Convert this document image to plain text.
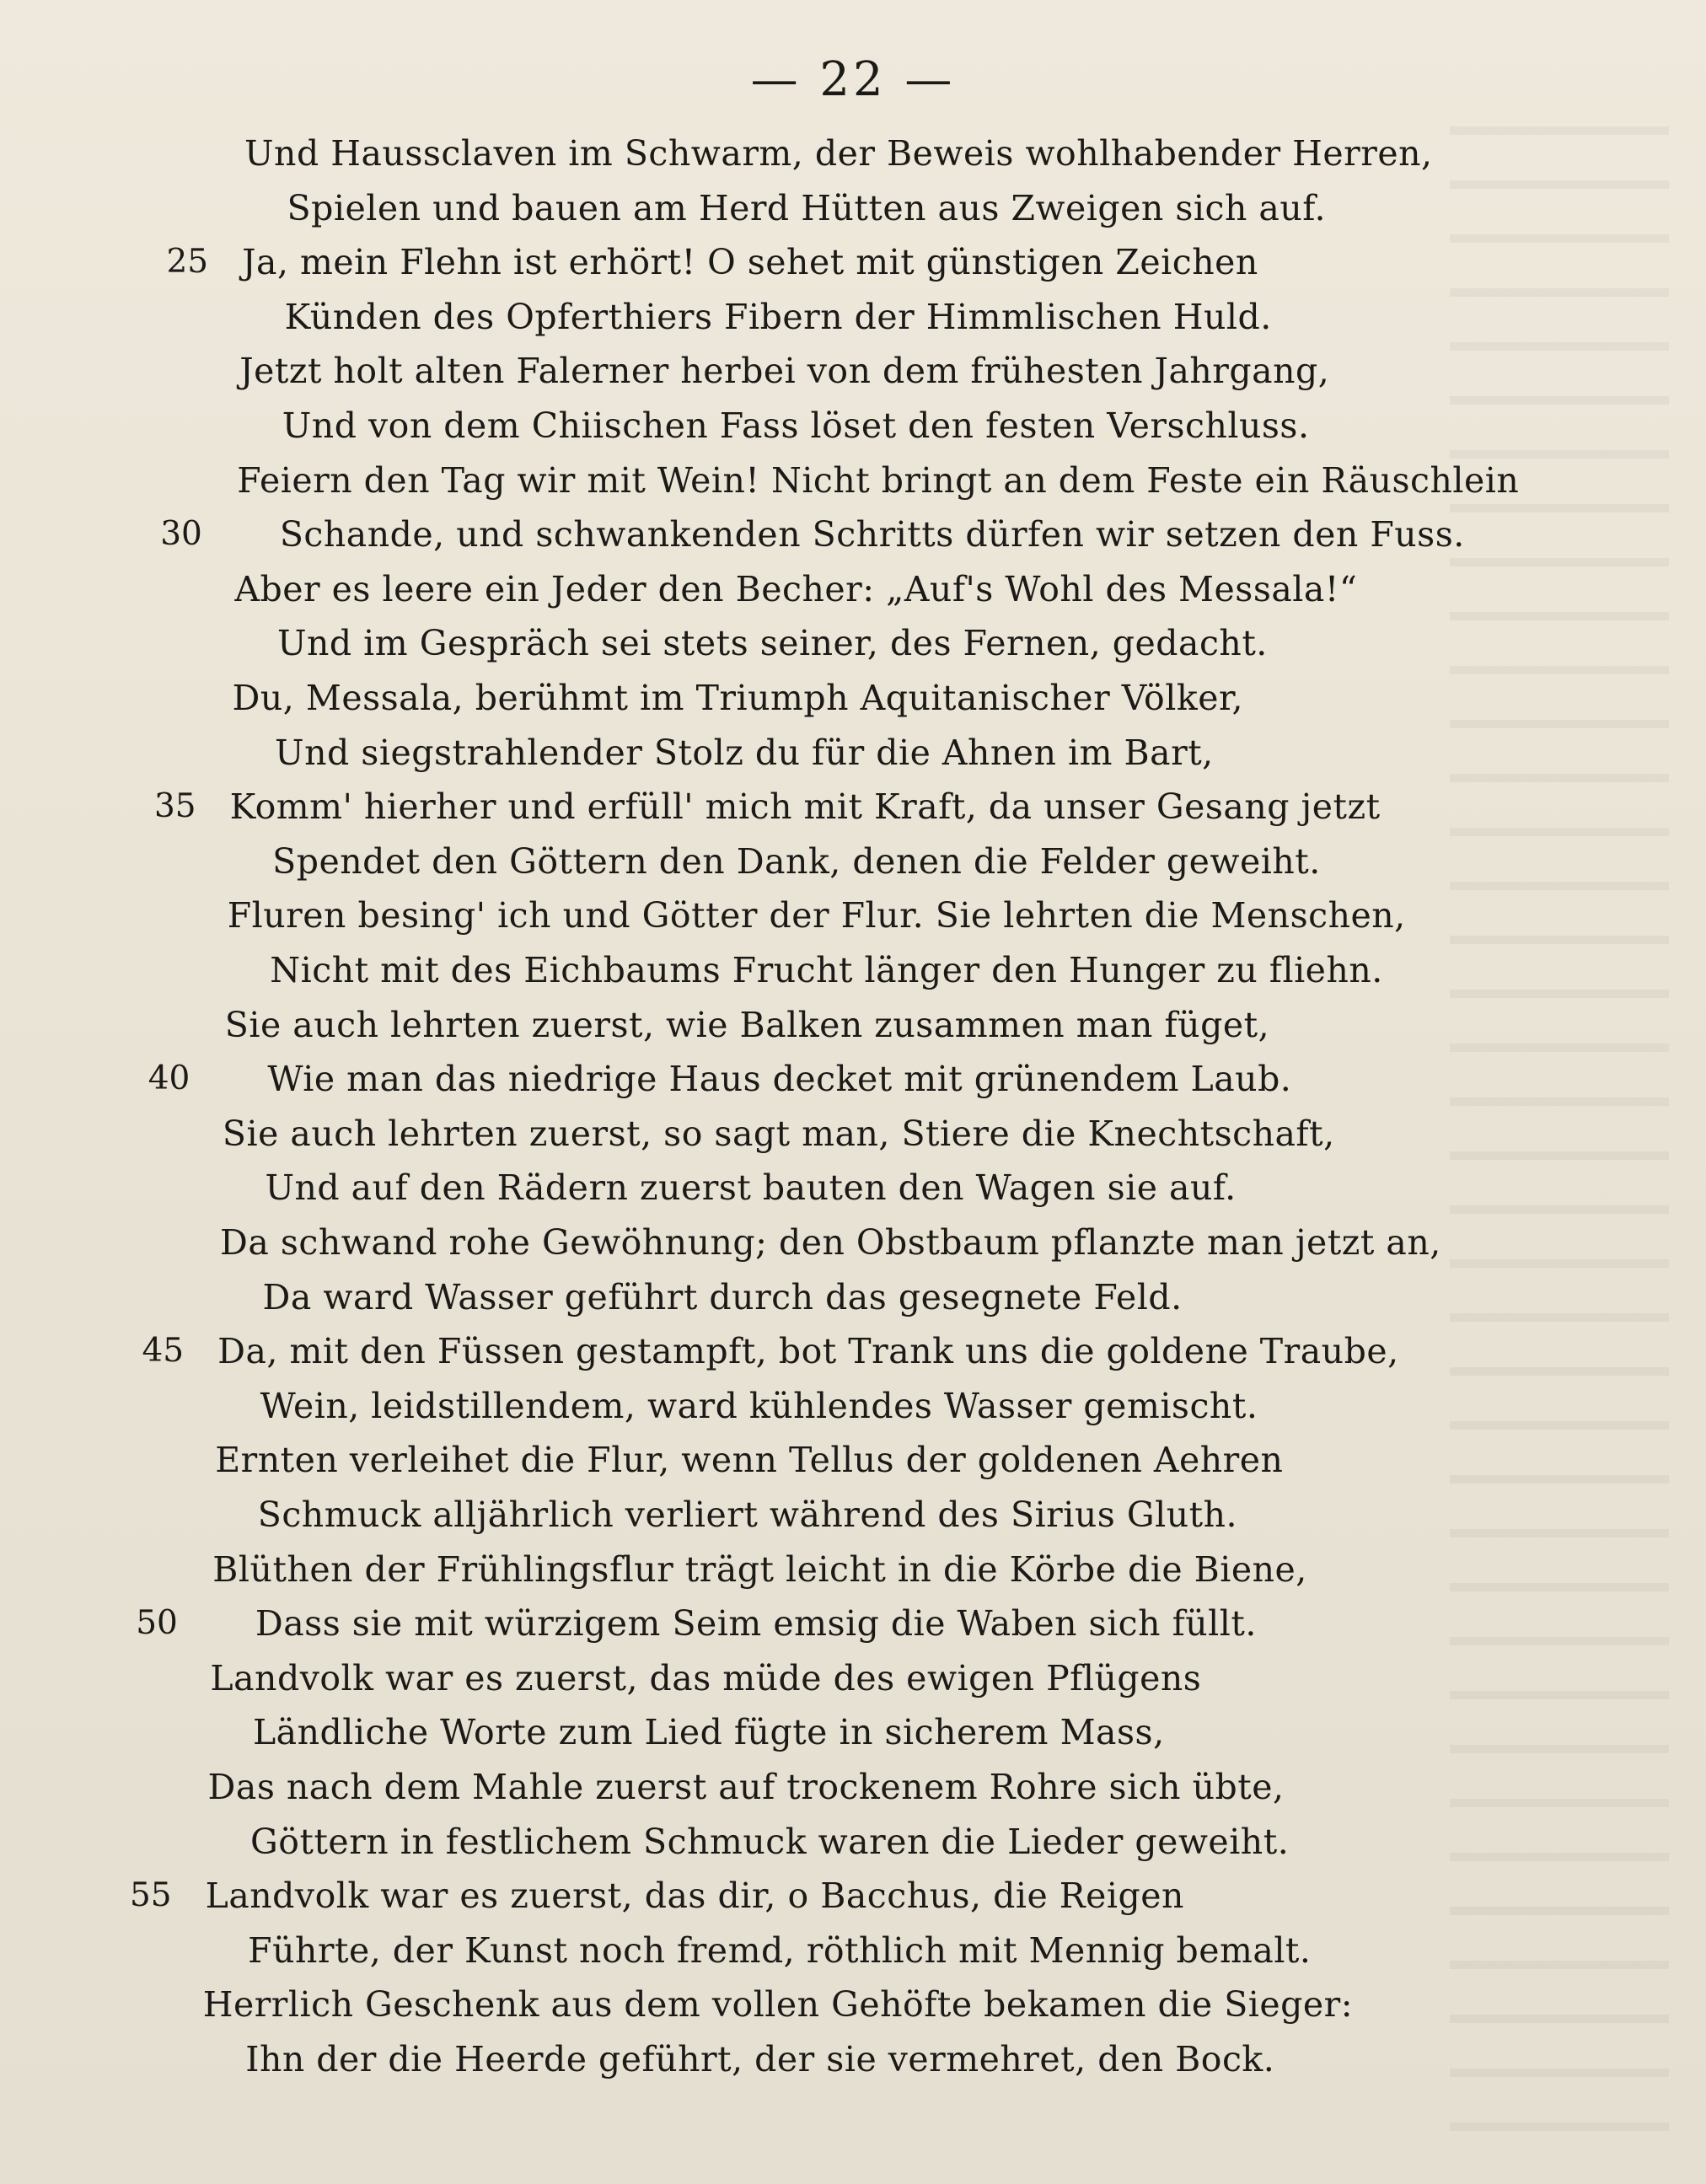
— 22 —
Und Haussclaven im Schwarm, der Beweis wohlhabender Herren,
Spielen und bauen am Herd Hütten aus Zweigen sich auf.
25 Ja, mein Flehn ist erhört! O sehet mit günstigen Zeichen
Künden des Opferthiers Fibern der Himmlischen Huld.
Jetzt holt alten Falerner herbei von dem frühesten Jahrgang,
Und von dem Chiischen Fass löset den festen Verschluss.
Feiern den Tag wir mit Wein! Nicht bringt an dem Feste ein Räuschlein
30 Schande, und schwankenden Schritts dürfen wir setzen den Fuss.
Aber es leere ein Jeder den Becher: „Auf's Wohl des Messala!“
Und im Gespräch sei stets seiner, des Fernen, gedacht.
Du, Messala, berühmt im Triumph Aquitanischer Völker,
Und siegstrahlender Stolz du für die Ahnen im Bart,
35 Komm' hierher und erfüll' mich mit Kraft, da unser Gesang jetzt
Spendet den Göttern den Dank, denen die Felder geweiht.
Fluren besing' ich und Götter der Flur. Sie lehrten die Menschen,
Nicht mit des Eichbaums Frucht länger den Hunger zu fliehn.
Sie auch lehrten zuerst, wie Balken zusammen man füget,
40 Wie man das niedrige Haus decket mit grünendem Laub.
Sie auch lehrten zuerst, so sagt man, Stiere die Knechtschaft,
Und auf den Rädern zuerst bauten den Wagen sie auf.
Da schwand rohe Gewöhnung; den Obstbaum pflanzte man jetzt an,
Da ward Wasser geführt durch das gesegnete Feld.
45 Da, mit den Füssen gestampft, bot Trank uns die goldene Traube,
Wein, leidstillendem, ward kühlendes Wasser gemischt.
Ernten verleihet die Flur, wenn Tellus der goldenen Aehren
Schmuck alljährlich verliert während des Sirius Gluth.
Blüthen der Frühlingsflur trägt leicht in die Körbe die Biene,
50 Dass sie mit würzigem Seim emsig die Waben sich füllt.
Landvolk war es zuerst, das müde des ewigen Pflügens
Ländliche Worte zum Lied fügte in sicherem Mass,
Das nach dem Mahle zuerst auf trockenem Rohre sich übte,
Göttern in festlichem Schmuck waren die Lieder geweiht.
55 Landvolk war es zuerst, das dir, o Bacchus, die Reigen
Führte, der Kunst noch fremd, röthlich mit Mennig bemalt.
Herrlich Geschenk aus dem vollen Gehöfte bekamen die Sieger:
Ihn der die Heerde geführt, der sie vermehret, den Bock.
